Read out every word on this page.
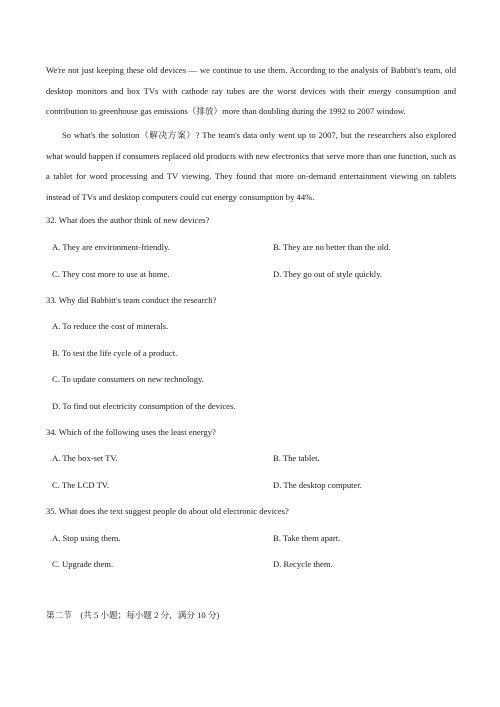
We're not just keeping these old devices — we continue to use them. According to the analysis of Babbitt's team, old desktop monitors and box TVs with cathode ray tubes are the worst devices with their energy consumption and contribution to greenhouse gas emissions（排放）more than doubling during the 1992 to 2007 window.

So what's the solution（解决方案）? The team's data only went up to 2007, but the researchers also explored what would happen if consumers replaced old products with new electronics that serve more than one function, such as a tablet for word processing and TV viewing. They found that more on-demand entertainment viewing on tablets instead of TVs and desktop computers could cut energy consumption by 44%.

32. What does the author think of new devices?

A. They are environment-friendly.	B. They are no better than the old.
C. They cost more to use at home.	D. They go out of style quickly.

33. Why did Babbitt's team conduct the research?

A. To reduce the cost of minerals.
B. To test the life cycle of a product.
C. To update consumers on new technology.
D. To find out electricity consumption of the devices.

34. Which of the following uses the least energy?

A. The box-set TV.	B. The tablet.
C. The LCD TV.	D. The desktop computer.

35. What does the text suggest people do about old electronic devices?

A. Stop using them.	B. Take them apart.
C. Upgrade them.	D. Recycle them.
第二节　(共 5 小题；每小题 2 分，满分 10 分)
